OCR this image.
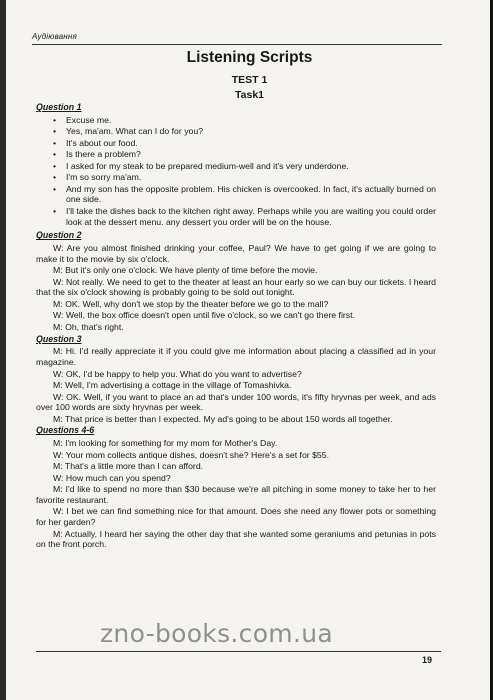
Аудіювання
Listening Scripts
TEST 1
Task1
Question 1
• Excuse me.
• Yes, ma'am. What can I do for you?
• It's about our food.
• Is there a problem?
• I asked for my steak to be prepared medium-well and it's very underdone.
• I'm so sorry ma'am.
• And my son has the opposite problem. His chicken is overcooked. In fact, it's actually burned on one side.
• I'll take the dishes back to the kitchen right away. Perhaps while you are waiting you could order look at the dessert menu. any dessert you order will be on the house.
Question 2
W: Are you almost finished drinking your coffee, Paul? We have to get going if we are going to make it to the movie by six o'clock.
M: But it's only one o'clock. We have plenty of time before the movie.
W: Not really. We need to get to the theater at least an hour early so we can buy our tickets. I heard that the six o'clock showing is probably going to be sold out tonight.
M: OK. Well, why don't we stop by the theater before we go to the mall?
W: Well, the box office doesn't open until five o'clock, so we can't go there first.
M: Oh, that's right.
Question 3
M: Hi. I'd really appreciate it if you could give me information about placing a classified ad in your magazine.
W: OK, I'd be happy to help you. What do you want to advertise?
M: Well, I'm advertising a cottage in the village of Tomashivka.
W: OK. Well, if you want to place an ad that's under 100 words, it's fifty hryvnas per week, and ads over 100 words are sixty hryvnas per week.
M: That price is better than I expected. My ad's going to be about 150 words all together.
Questions 4-6
M: I'm looking for something for my mom for Mother's Day.
W: Your mom collects antique dishes, doesn't she? Here's a set for $55.
M: That's a little more than I can afford.
W: How much can you spend?
M: I'd like to spend no more than $30 because we're all pitching in some money to take her to her favorite restaurant.
W: I bet we can find something nice for that amount. Does she need any flower pots or something for her garden?
M: Actually, I heard her saying the other day that she wanted some geraniums and petunias in pots on the front porch.
zno-books.com.ua
19
